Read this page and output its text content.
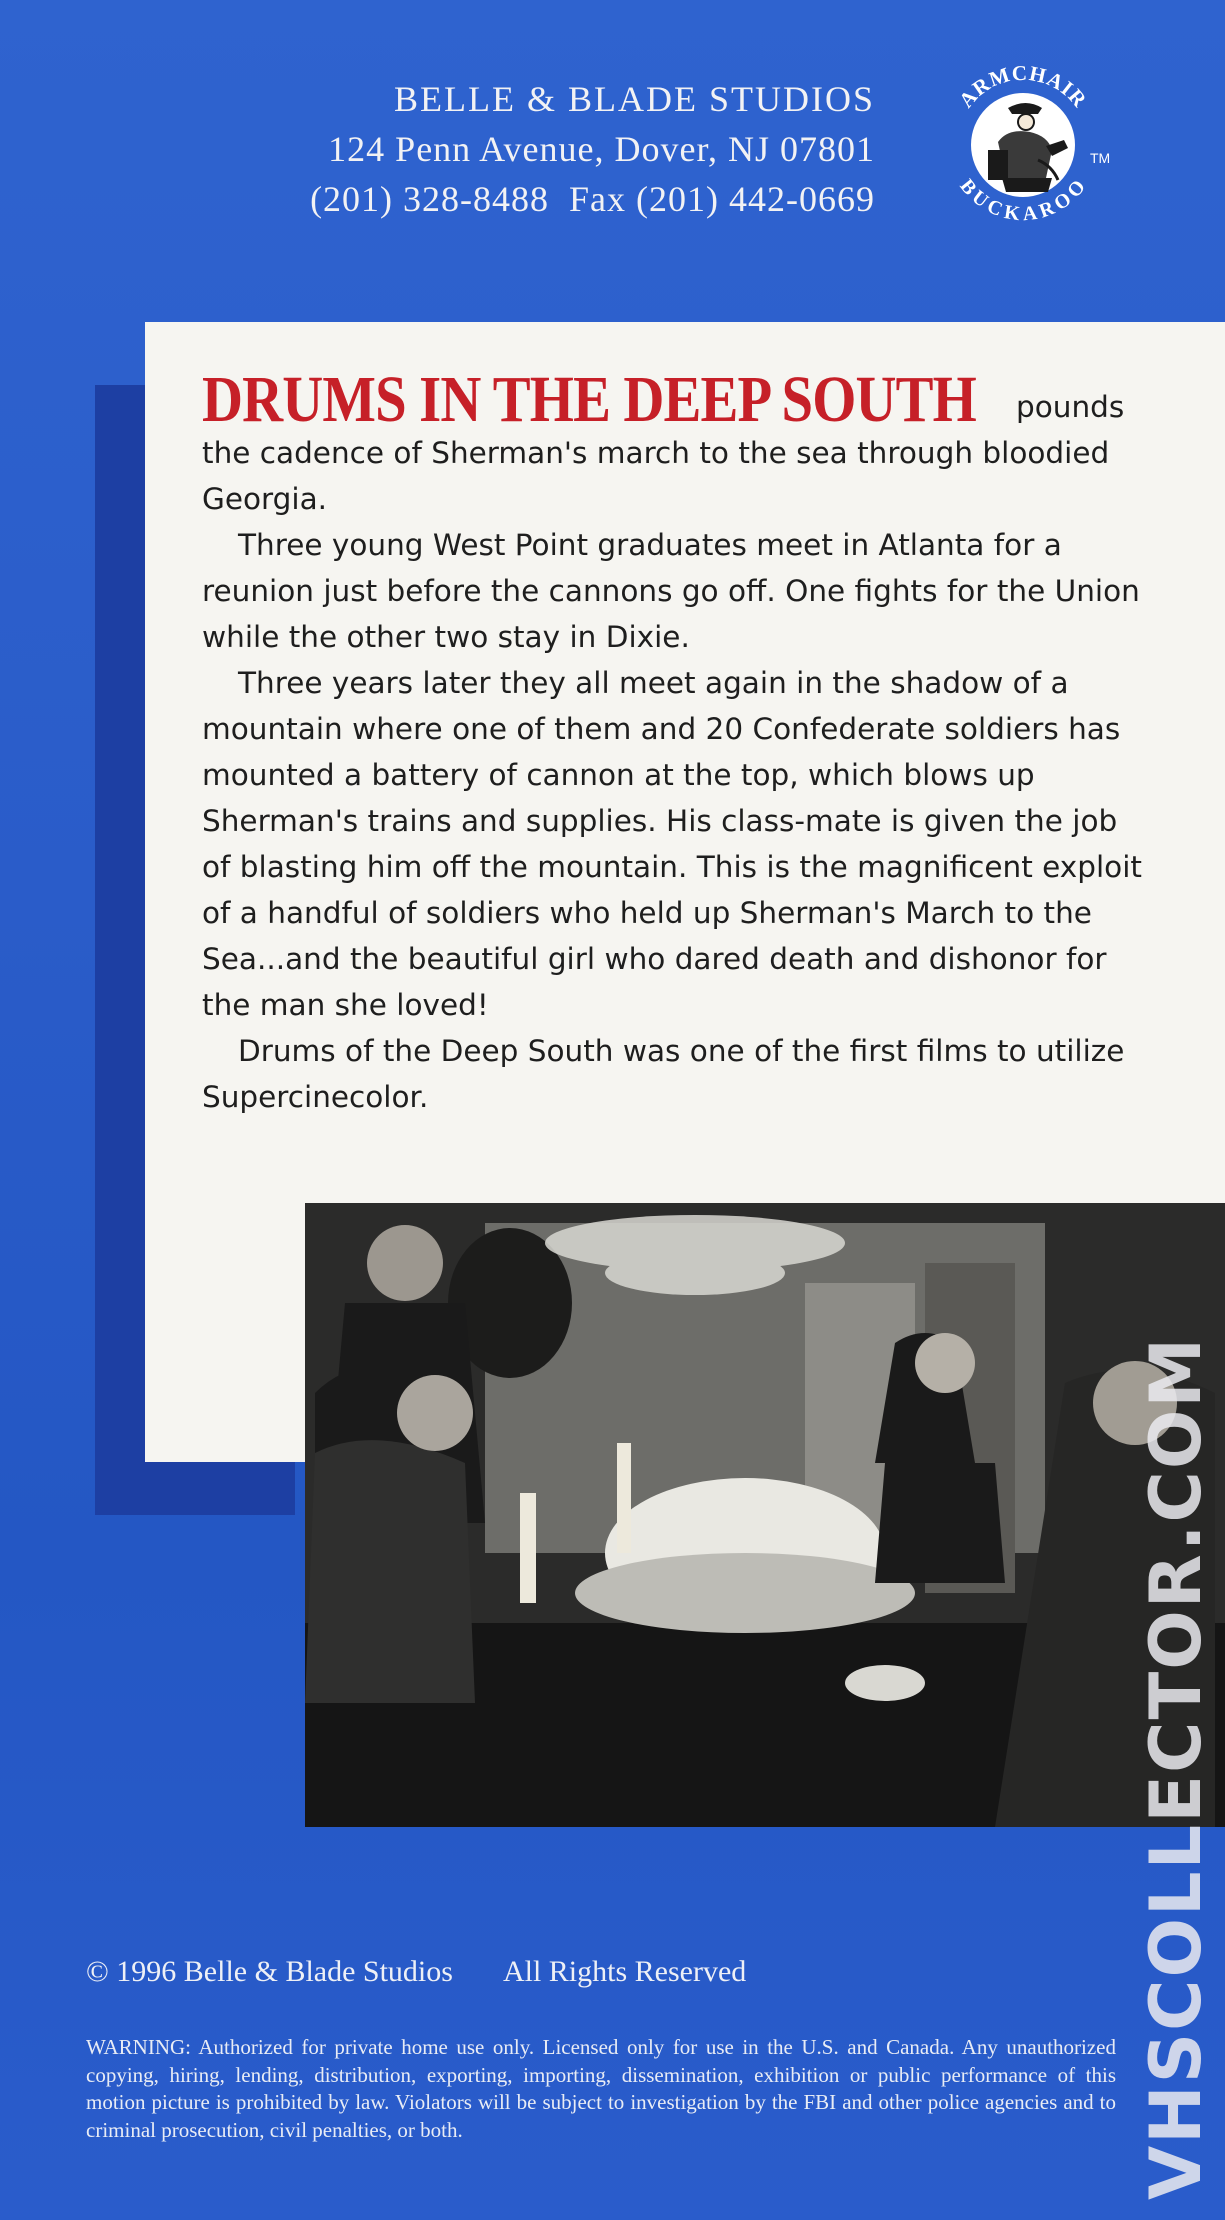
BELLE & BLADE STUDIOS
124 Penn Avenue, Dover, NJ 07801
(201) 328-8488  Fax (201) 442-0669
ARMCHAIR
BUCKAROO
TM

DRUMS IN THE DEEP SOUTH pounds the cadence of Sherman's march to the sea through bloodied Georgia.

Three young West Point graduates meet in Atlanta for a reunion just before the cannons go off. One fights for the Union while the other two stay in Dixie.

Three years later they all meet again in the shadow of a mountain where one of them and 20 Confederate soldiers has mounted a battery of cannon at the top, which blows up Sherman's trains and supplies. His class-mate is given the job of blasting him off the mountain. This is the magnificent exploit of a handful of soldiers who held up Sherman's March to the Sea...and the beautiful girl who dared death and dishonor for the man she loved!

Drums of the Deep South was one of the first films to utilize Supercinecolor.

© 1996 Belle & Blade Studios All Rights Reserved
WARNING: Authorized for private home use only. Licensed only for use in the U.S. and Canada. Any unauthorized copying, hiring, lending, distribution, exporting, importing, dissemination, exhibition or public performance of this motion picture is prohibited by law. Violators will be subject to investigation by the FBI and other police agencies and to criminal prosecution, civil penalties, or both.	VHSCOLLECTOR.COM
